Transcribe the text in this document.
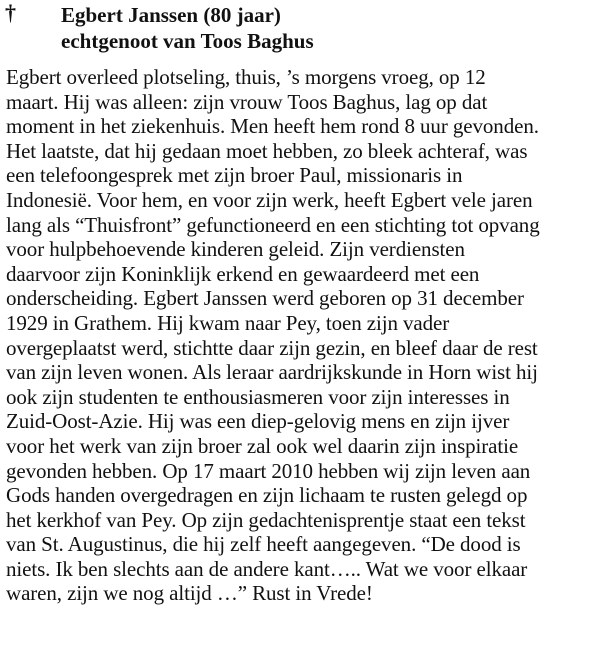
† Egbert Janssen (80 jaar)
echtgenoot van Toos Baghus
Egbert overleed plotseling, thuis, ’s morgens vroeg, op 12
maart. Hij was alleen: zijn vrouw Toos Baghus, lag op dat
moment in het ziekenhuis. Men heeft hem rond 8 uur gevonden.
Het laatste, dat hij gedaan moet hebben, zo bleek achteraf, was
een telefoongesprek met zijn broer Paul, missionaris in
Indonesië. Voor hem, en voor zijn werk, heeft Egbert vele jaren
lang als “Thuisfront” gefunctioneerd en een stichting tot opvang
voor hulpbehoevende kinderen geleid. Zijn verdiensten
daarvoor zijn Koninklijk erkend en gewaardeerd met een
onderscheiding. Egbert Janssen werd geboren op 31 december
1929 in Grathem. Hij kwam naar Pey, toen zijn vader
overgeplaatst werd, stichtte daar zijn gezin, en bleef daar de rest
van zijn leven wonen. Als leraar aardrijkskunde in Horn wist hij
ook zijn studenten te enthousiasmeren voor zijn interesses in
Zuid-Oost-Azie. Hij was een diep-gelovig mens en zijn ijver
voor het werk van zijn broer zal ook wel daarin zijn inspiratie
gevonden hebben. Op 17 maart 2010 hebben wij zijn leven aan
Gods handen overgedragen en zijn lichaam te rusten gelegd op
het kerkhof van Pey. Op zijn gedachtenisprentje staat een tekst
van St. Augustinus, die hij zelf heeft aangegeven. “De dood is
niets. Ik ben slechts aan de andere kant….. Wat we voor elkaar
waren, zijn we nog altijd …” Rust in Vrede!
